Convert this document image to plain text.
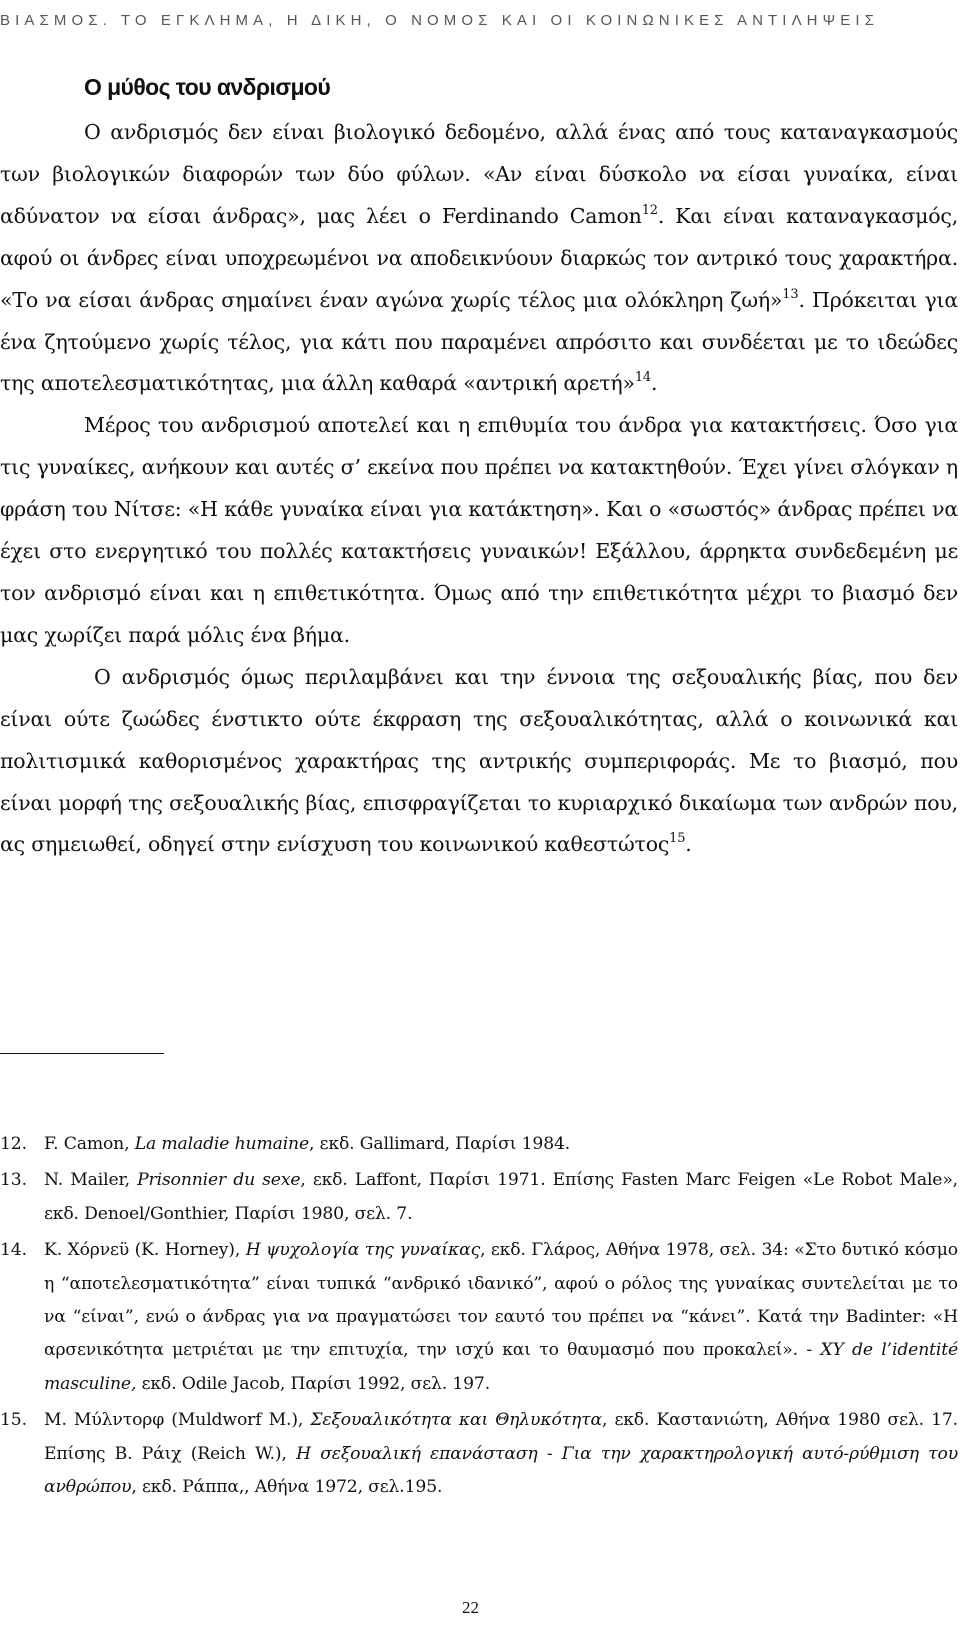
ΒΙΑΣΜΟΣ. ΤΟ ΕΓΚΛΗΜΑ, Η ΔΙΚΗ, Ο ΝΟΜΟΣ ΚΑΙ ΟΙ ΚΟΙΝΩΝΙΚΕΣ ΑΝΤΙΛΗΨΕΙΣ
Ο μύθος του ανδρισμού

Ο ανδρισμός δεν είναι βιολογικό δεδομένο, αλλά ένας από τους καταναγκασμούς των βιολογικών διαφορών των δύο φύλων. «Αν είναι δύσκολο να είσαι γυναίκα, είναι αδύνατον να είσαι άνδρας», μας λέει ο Ferdinando Camon$^{12}$. Και είναι καταναγκασμός, αφού οι άνδρες είναι υποχρεωμένοι να αποδεικνύουν διαρκώς τον αντρικό τους χαρακτήρα. «Το να είσαι άνδρας σημαίνει έναν αγώνα χωρίς τέλος μια ολόκληρη ζωή»$^{13}$. Πρόκειται για ένα ζητούμενο χωρίς τέλος, για κάτι που παραμένει απρόσιτο και συνδέεται με το ιδεώδες της αποτελεσματικότητας, μια άλλη καθαρά «αντρική αρετή»$^{14}$.

Μέρος του ανδρισμού αποτελεί και η επιθυμία του άνδρα για κατακτήσεις. Όσο για τις γυναίκες, ανήκουν και αυτές σ’ εκείνα που πρέπει να κατακτηθούν. Έχει γίνει σλόγκαν η φράση του Νίτσε: «Η κάθε γυναίκα είναι για κατάκτηση». Και ο «σωστός» άνδρας πρέπει να έχει στο ενεργητικό του πολλές κατακτήσεις γυναικών! Εξάλλου, άρρηκτα συνδεδεμένη με τον ανδρισμό είναι και η επιθετικότητα. Όμως από την επιθετικότητα μέχρι το βιασμό δεν μας χωρίζει παρά μόλις ένα βήμα.

Ο ανδρισμός όμως περιλαμβάνει και την έννοια της σεξουαλικής βίας, που δεν είναι ούτε ζωώδες ένστικτο ούτε έκφραση της σεξουαλικότητας, αλλά ο κοινωνικά και πολιτισμικά καθορισμένος χαρακτήρας της αντρικής συμπεριφοράς. Με το βιασμό, που είναι μορφή της σεξουαλικής βίας, επισφραγίζεται το κυριαρχικό δικαίωμα των ανδρών που, ας σημειωθεί, οδηγεί στην ενίσχυση του κοινωνικού καθεστώτος$^{15}$.

12. F. Camon, La maladie humaine, εκδ. Gallimard, Παρίσι 1984.
13. N. Mailer, Prisonnier du sexe, εκδ. Laffont, Παρίσι 1971. Επίσης Fasten Marc Feigen «Le Robot Male», εκδ. Denoel/Gonthier, Παρίσι 1980, σελ. 7.
14. Κ. Χόρνεϋ (K. Horney), Η ψυχολογία της γυναίκας, εκδ. Γλάρος, Αθήνα 1978, σελ. 34: «Στο δυτικό κόσμο η “αποτελεσματικότητα” είναι τυπικά “ανδρικό ιδανικό”, αφού ο ρόλος της γυναίκας συντελείται με το να “είναι”, ενώ ο άνδρας για να πραγματώσει τον εαυτό του πρέπει να “κάνει”. Κατά την Badinter: «Η αρσενικότητα μετριέται με την επιτυχία, την ισχύ και το θαυμασμό που προκαλεί». - XY de l’identité masculine, εκδ. Odile Jacob, Παρίσι 1992, σελ. 197.
15. Μ. Μύλντορφ (Muldworf M.), Σεξουαλικότητα και Θηλυκότητα, εκδ. Καστανιώτη, Αθήνα 1980 σελ. 17. Επίσης Β. Ράιχ (Reich W.), Η σεξουαλική επανάσταση - Για την χαρακτηρολογική αυτό-ρύθμιση του ανθρώπου, εκδ. Ράππα,, Αθήνα 1972, σελ.195.
22
